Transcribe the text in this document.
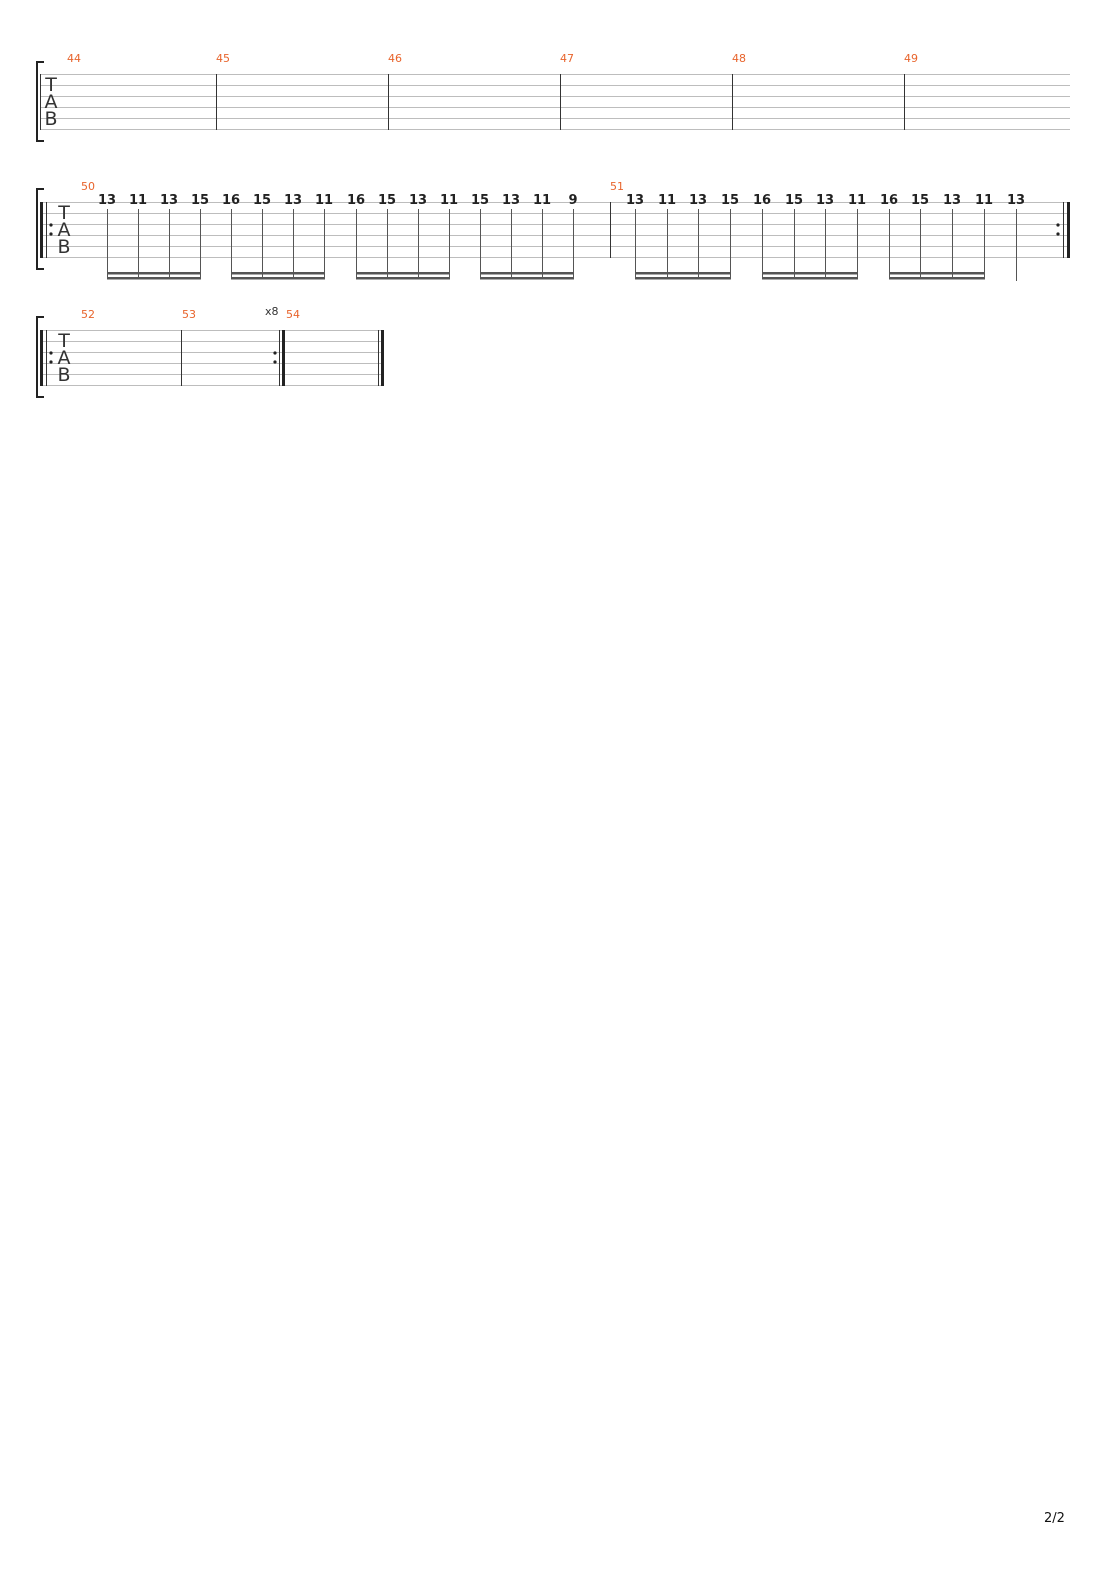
T
A
B
44	45	46	47	48	49
T
A
B
50
13 11 13 15 16 15 13 11 16 15 13 11 15 13 11 9
51
13 11 13 15 16 15 13 11 16 15 13 11 13
T
A
B
52	53	x8 54
2/2
